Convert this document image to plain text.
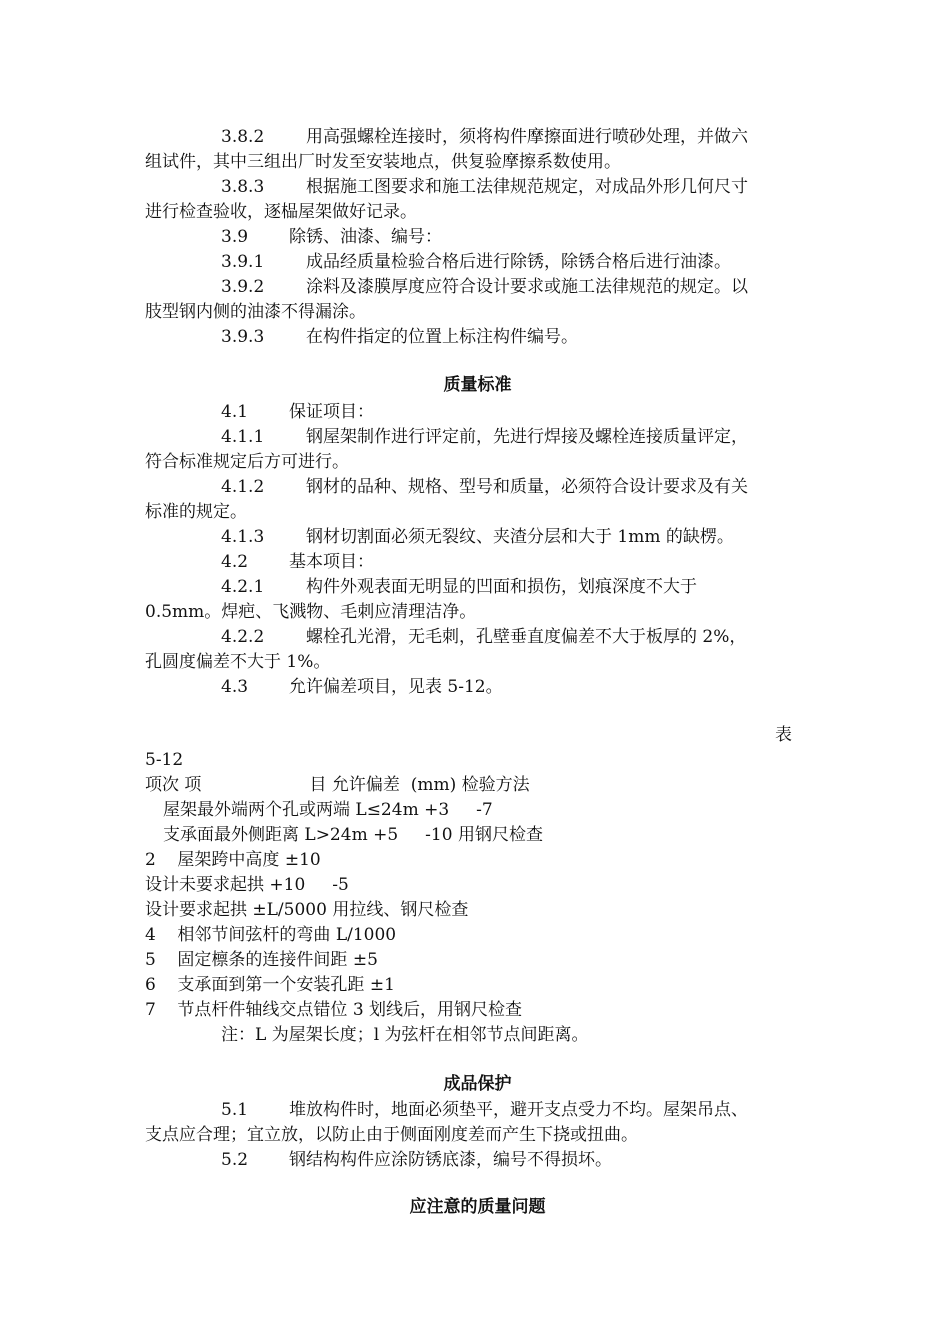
3.8.2 用高强螺栓连接时，须将构件摩擦面进行喷砂处理，并做六
组试件，其中三组出厂时发至安装地点，供复验摩擦系数使用。
3.8.3 根据施工图要求和施工法律规范规定，对成品外形几何尺寸
进行检查验收，逐榀屋架做好记录。
3.9 除锈、油漆、编号：
3.9.1 成品经质量检验合格后进行除锈，除锈合格后进行油漆。
3.9.2 涂料及漆膜厚度应符合设计要求或施工法律规范的规定。以
肢型钢内侧的油漆不得漏涂。
3.9.3 在构件指定的位置上标注构件编号。
质量标准
4.1 保证项目：
4.1.1 钢屋架制作进行评定前，先进行焊接及螺栓连接质量评定，
符合标准规定后方可进行。
4.1.2 钢材的品种、规格、型号和质量，必须符合设计要求及有关
标准的规定。
4.1.3 钢材切割面必须无裂纹、夹渣分层和大于 1mm 的缺楞。
4.2 基本项目：
4.2.1 构件外观表面无明显的凹面和损伤，划痕深度不大于
0.5mm。焊疤、飞溅物、毛刺应清理洁净。
4.2.2 螺栓孔光滑，无毛刺，孔壁垂直度偏差不大于板厚的 2%，
孔圆度偏差不大于 1%。
4.3 允许偏差项目，见表 5-12。
表
5-12
项次 项                    目 允许偏差  (mm) 检验方法
屋架最外端两个孔或两端 L≤24m +3     -7
支承面最外侧距离 L>24m +5     -10 用钢尺检查
2    屋架跨中高度 ±10
设计未要求起拱 +10     -5
设计要求起拱 ±L/5000 用拉线、钢尺检查
4    相邻节间弦杆的弯曲 L/1000
5    固定檩条的连接件间距 ±5
6    支承面到第一个安装孔距 ±1
7    节点杆件轴线交点错位 3 划线后，用钢尺检查
注：L 为屋架长度；l 为弦杆在相邻节点间距离。
成品保护
5.1 堆放构件时，地面必须垫平，避开支点受力不均。屋架吊点、
支点应合理；宜立放，以防止由于侧面刚度差而产生下挠或扭曲。
5.2 钢结构构件应涂防锈底漆，编号不得损坏。
应注意的质量问题
